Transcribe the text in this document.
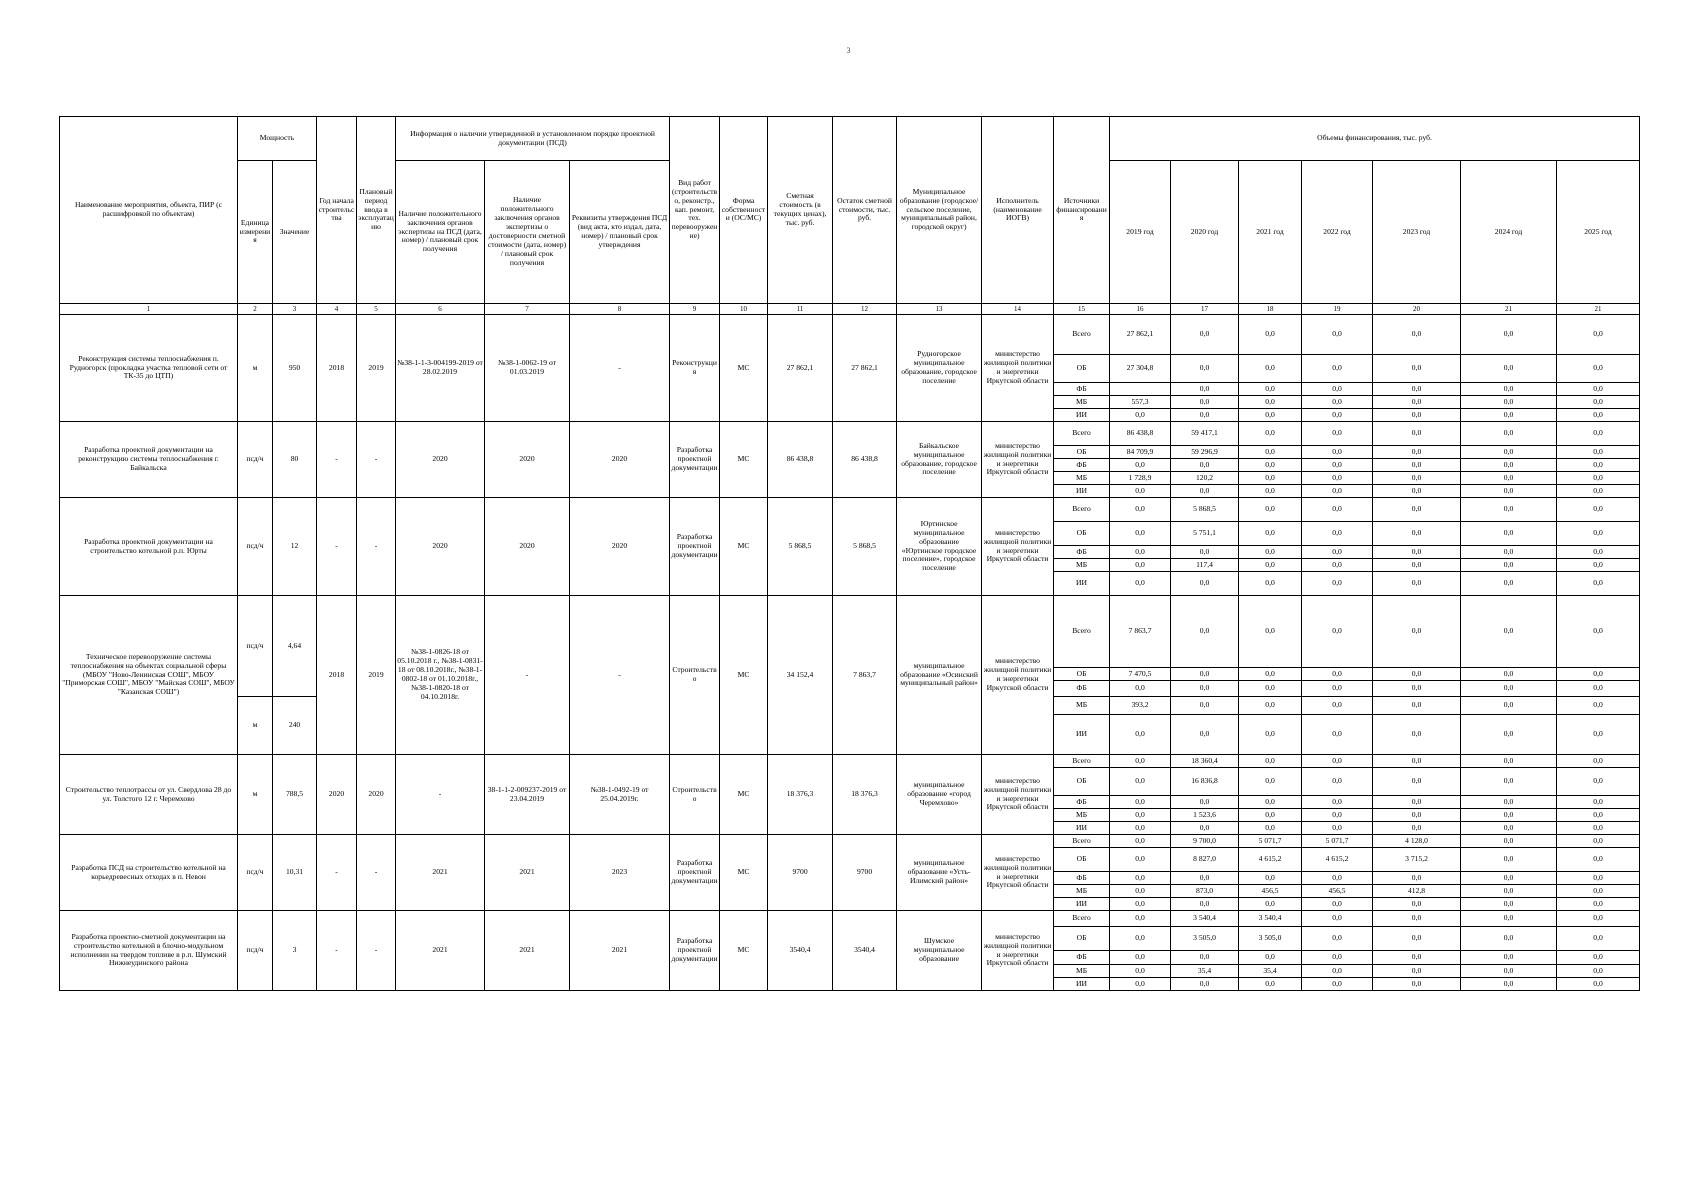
3
Наименование мероприятия, объекта, ПИР (с расшифровкой по объектам)	Мощность		Год начала строительства	Плановый период ввода в эксплуатацию	Информация о наличии утвержденной в установленном порядке проектной документации (ПСД)			Вид работ (строительство, реконстр., кап. ремонт, тех. перевооружение)	Форма собственности (ОС/МС)	Сметная стоимость (в текущих ценах), тыс. руб.	Остаток сметной стоимости, тыс. руб.	Муниципальное образование (городское/сельское поселение, муниципальный район, городской округ)	Исполнитель (наименование ИОГВ)	Источники финансирования	Объемы финансирования, тыс. руб.						
	Единица измерения	Значение			Наличие положительного заключения органов экспертизы на ПСД (дата, номер) / плановый срок получения	Наличие положительного заключения органов экспертизы о достоверности сметной стоимости (дата, номер) / плановый срок получения	Реквизиты утверждения ПСД (вид акта, кто издал, дата, номер) / плановый срок утверждения								2019 год	2020 год	2021 год	2022 год	2023 год	2024 год	2025 год
1	2	3	4	5	6	7	8	9	10	11	12	13	14	15	16	17	18	19	20	21	21
Реконструкция системы теплоснабжения п. Рудногорск (прокладка участка тепловой сети от ТК-35 до ЦТП)	м	950	2018	2019	№38-1-1-3-004199-2019 от 28.02.2019	№38-1-0062-19 от 01.03.2019	-	Реконструкция	МС	27 862,1	27 862,1	Рудногорское муниципальное образование, городское поселение	министерство жилищной политики и энергетики Иркутской области	Всего	27 862,1	0,0	0,0	0,0	0,0	0,0	0,0
														ОБ	27 304,8	0,0	0,0	0,0	0,0	0,0	0,0
														ФБ		0,0	0,0	0,0	0,0	0,0	0,0
														МБ	557,3	0,0	0,0	0,0	0,0	0,0	0,0
														ИИ	0,0	0,0	0,0	0,0	0,0	0,0	0,0
Разработка проектной документации на реконструкцию системы теплоснабжения г. Байкальска	псд/ч	80	-	-	2020	2020	2020	Разработка проектной документации	МС	86 438,8	86 438,8	Байкальское муниципальное образование, городское поселение	министерство жилищной политики и энергетики Иркутской области	Всего	86 438,8	59 417,1	0,0	0,0	0,0	0,0	0,0
														ОБ	84 709,9	59 296,9	0,0	0,0	0,0	0,0	0,0
														ФБ	0,0	0,0	0,0	0,0	0,0	0,0	0,0
														МБ	1 728,9	120,2	0,0	0,0	0,0	0,0	0,0
														ИИ	0,0	0,0	0,0	0,0	0,0	0,0	0,0
Разработка проектной документации на строительство котельной р.п. Юрты	псд/ч	12	-	-	2020	2020	2020	Разработка проектной документации	МС	5 868,5	5 868,5	Юртинское муниципальное образование «Юртинское городское поселение», городское поселение	министерство жилищной политики и энергетики Иркутской области	Всего	0,0	5 868,5	0,0	0,0	0,0	0,0	0,0
														ОБ	0,0	5 751,1	0,0	0,0	0,0	0,0	0,0
														ФБ	0,0	0,0	0,0	0,0	0,0	0,0	0,0
														МБ	0,0	117,4	0,0	0,0	0,0	0,0	0,0
														ИИ	0,0	0,0	0,0	0,0	0,0	0,0	0,0
Техническое перевооружение системы теплоснабжения на объектах социальной сферы (МБОУ "Ново-Ленинская СОШ", МБОУ "Приморская СОШ", МБОУ "Майская СОШ", МБОУ "Казанская СОШ")	псд/ч	4,64	2018	2019	№38-1-0826-18 от 05.10.2018 г., №38-1-0831-18 от 08.10.2018г., №38-1-0802-18 от 01.10.2018г., №38-1-0820-18 от 04.10.2018г.	-	-	Строительство	МС	34 152,4	7 863,7	муниципальное образование «Осинский муниципальный район»	министерство жилищной политики и энергетики Иркутской области	Всего	7 863,7	0,0	0,0	0,0	0,0	0,0	0,0
														ОБ	7 470,5	0,0	0,0	0,0	0,0	0,0	0,0
														ФБ	0,0	0,0	0,0	0,0	0,0	0,0	0,0
	м	240												МБ	393,2	0,0	0,0	0,0	0,0	0,0	0,0
														ИИ	0,0	0,0	0,0	0,0	0,0	0,0	0,0
Строительство теплотрассы от ул. Свердлова 28 до ул. Толстого 12 г. Черемхово	м	788,5	2020	2020	-	38-1-1-2-009237-2019 от 23.04.2019	№38-1-0492-19 от 25.04.2019г.	Строительство	МС	18 376,3	18 376,3	муниципальное образование «город Черемхово»	министерство жилищной политики и энергетики Иркутской области	Всего	0,0	18 360,4	0,0	0,0	0,0	0,0	0,0
														ОБ	0,0	16 836,8	0,0	0,0	0,0	0,0	0,0
														ФБ	0,0	0,0	0,0	0,0	0,0	0,0	0,0
														МБ	0,0	1 523,6	0,0	0,0	0,0	0,0	0,0
														ИИ	0,0	0,0	0,0	0,0	0,0	0,0	0,0
Разработка ПСД на строительство котельной на корьедревесных отходах в п. Невон	псд/ч	10,31	-	-	2021	2021	2023	Разработка проектной документации	МС	9700	9700	муниципальное образование «Усть-Илимский район»	министерство жилищной политики и энергетики Иркутской области	Всего	0,0	9 700,0	5 071,7	5 071,7	4 128,0	0,0	0,0
														ОБ	0,0	8 827,0	4 615,2	4 615,2	3 715,2	0,0	0,0
														ФБ	0,0	0,0	0,0	0,0	0,0	0,0	0,0
														МБ	0,0	873,0	456,5	456,5	412,8	0,0	0,0
														ИИ	0,0	0,0	0,0	0,0	0,0	0,0	0,0
Разработка проектно-сметной документации на строительство котельной в блочно-модульном исполнении на твердом топливе в р.п. Шумский Нижнеудинского района	псд/ч	3	-	-	2021	2021	2021	Разработка проектной документации	МС	3540,4	3540,4	Шумское муниципальное образование	министерство жилищной политики и энергетики Иркутской области	Всего	0,0	3 540,4	3 540,4	0,0	0,0	0,0	0,0
														ОБ	0,0	3 505,0	3 505,0	0,0	0,0	0,0	0,0
														ФБ	0,0	0,0	0,0	0,0	0,0	0,0	0,0
														МБ	0,0	35,4	35,4	0,0	0,0	0,0	0,0
														ИИ	0,0	0,0	0,0	0,0	0,0	0,0	0,0
